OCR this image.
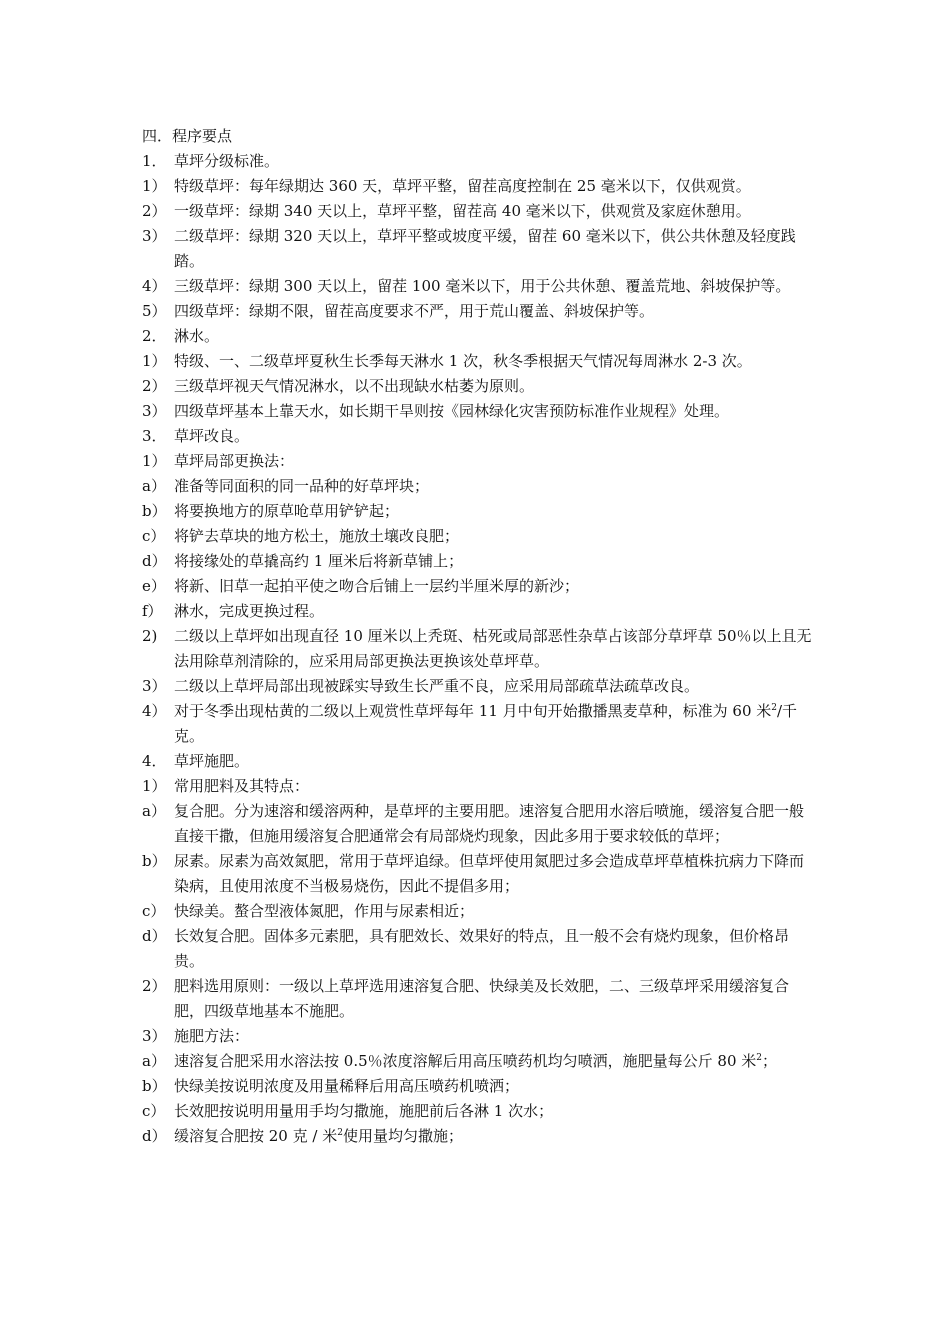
四．程序要点
1． 草坪分级标准。
1） 特级草坪：每年绿期达 360 天，草坪平整，留茬高度控制在 25 毫米以下，仅供观赏。
2） 一级草坪：绿期 340 天以上，草坪平整，留茬高 40 毫米以下，供观赏及家庭休憩用。
3） 二级草坪：绿期 320 天以上，草坪平整或坡度平缓，留茬 60 毫米以下，供公共休憩及轻度践踏。
4） 三级草坪：绿期 300 天以上，留茬 100 毫米以下，用于公共休憩、覆盖荒地、斜坡保护等。
5） 四级草坪：绿期不限，留茬高度要求不严，用于荒山覆盖、斜坡保护等。
2． 淋水。
1） 特级、一、二级草坪夏秋生长季每天淋水 1 次，秋冬季根据天气情况每周淋水 2-3 次。
2） 三级草坪视天气情况淋水，以不出现缺水枯萎为原则。
3） 四级草坪基本上靠天水，如长期干旱则按《园林绿化灾害预防标准作业规程》处理。
3． 草坪改良。
1） 草坪局部更换法：
a） 准备等同面积的同一品种的好草坪块；
b） 将要换地方的原草呛草用铲铲起；
c） 将铲去草块的地方松土，施放土壤改良肥；
d） 将接缘处的草撬高约 1 厘米后将新草铺上；
e） 将新、旧草一起拍平使之吻合后铺上一层约半厘米厚的新沙；
f） 淋水，完成更换过程。
2)	二级以上草坪如出现直径 10 厘米以上秃斑、枯死或局部恶性杂草占该部分草坪草 50％以上且无法用除草剂清除的，应采用局部更换法更换该处草坪草。
3） 二级以上草坪局部出现被踩实导致生长严重不良，应采用局部疏草法疏草改良。
4） 对于冬季出现枯黄的二级以上观赏性草坪每年 11 月中旬开始撒播黑麦草种，标准为 60 米$^2$/千克。
4． 草坪施肥。
1） 常用肥料及其特点：
a） 复合肥。分为速溶和缓溶两种，是草坪的主要用肥。速溶复合肥用水溶后喷施，缓溶复合肥一般直接干撒，但施用缓溶复合肥通常会有局部烧灼现象，因此多用于要求较低的草坪；
b） 尿素。尿素为高效氮肥，常用于草坪追绿。但草坪使用氮肥过多会造成草坪草植株抗病力下降而染病，且使用浓度不当极易烧伤，因此不提倡多用；
c） 快绿美。螯合型液体氮肥，作用与尿素相近；
d） 长效复合肥。固体多元素肥，具有肥效长、效果好的特点，且一般不会有烧灼现象，但价格昂贵。
2） 肥料选用原则：一级以上草坪选用速溶复合肥、快绿美及长效肥，二、三级草坪采用缓溶复合肥，四级草地基本不施肥。
3） 施肥方法：
a） 速溶复合肥采用水溶法按 0.5％浓度溶解后用高压喷药机均匀喷洒，施肥量每公斤 80 米$^2$；
b） 快绿美按说明浓度及用量稀释后用高压喷药机喷洒；
c） 长效肥按说明用量用手均匀撒施，施肥前后各淋 1 次水；
d） 缓溶复合肥按 20 克 / 米$^2$使用量均匀撒施；
